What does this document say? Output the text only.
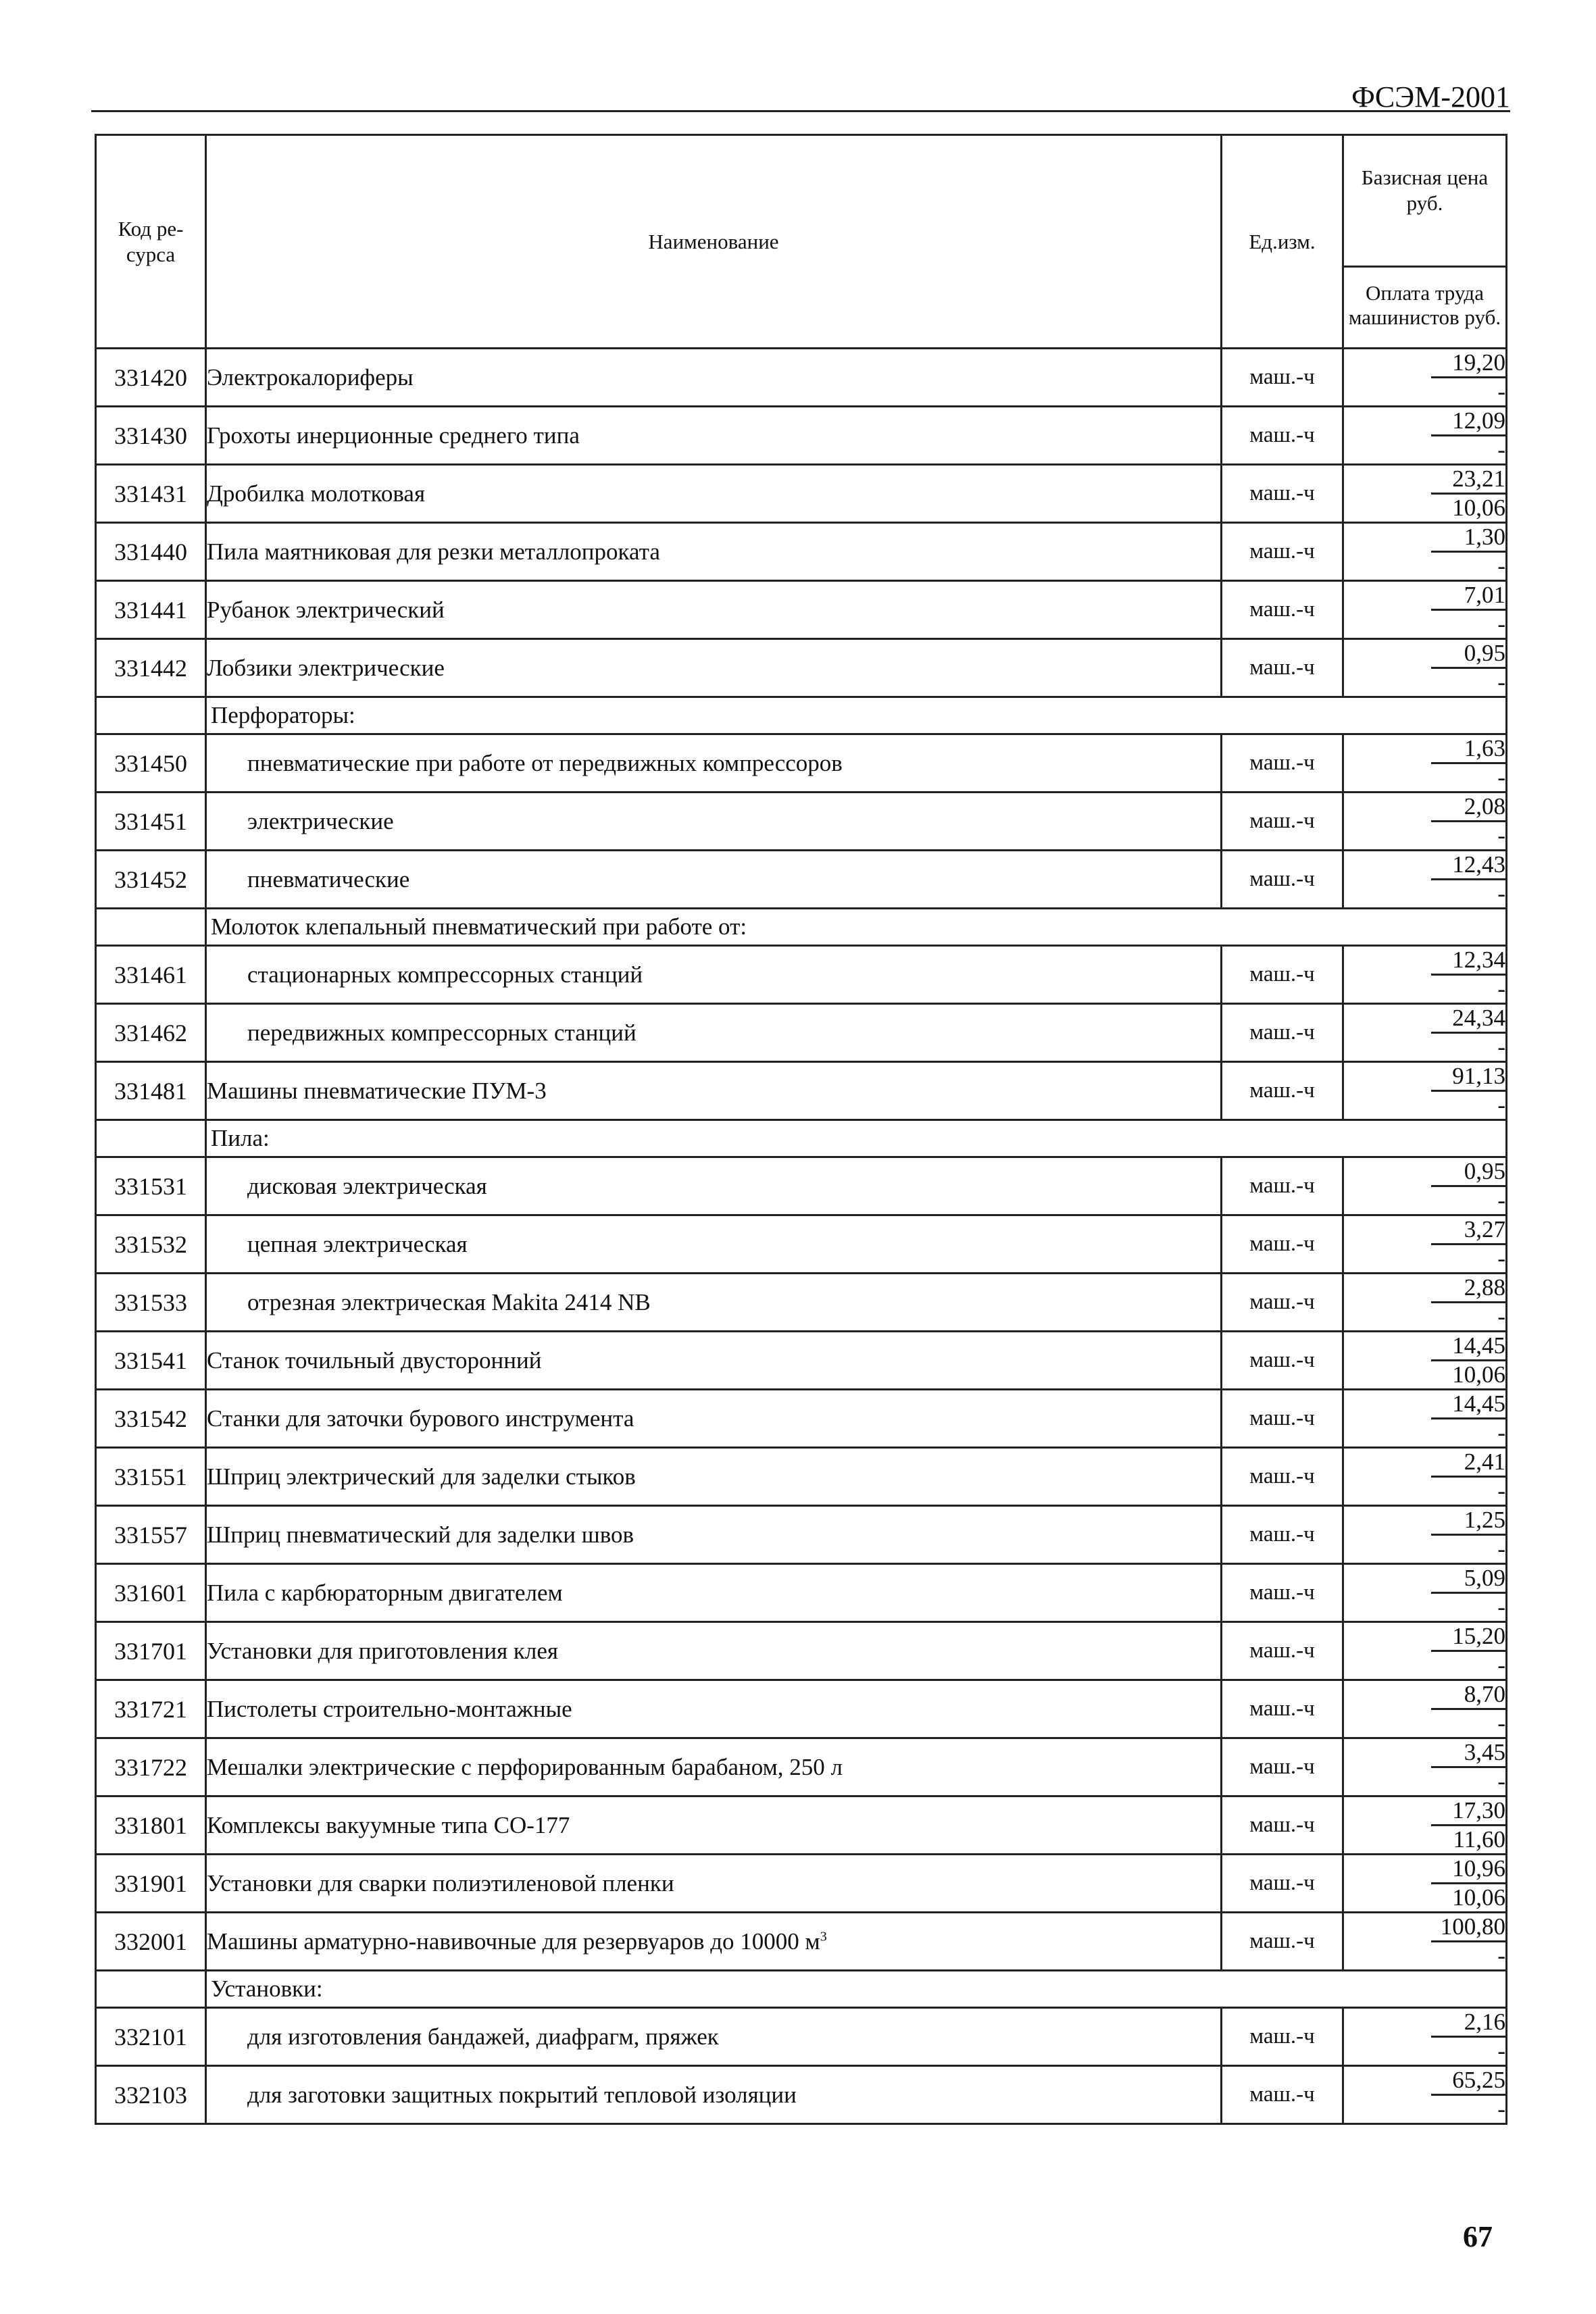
ФСЭМ-2001
Код ре-сурса	Наименование	Ед.изм.	Базисная цена руб.
Оплата труда машинистов руб.

331420	Электрокалориферы	маш.-ч	19,20
-

331430	Грохоты инерционные среднего типа	маш.-ч	12,09
-

331431	Дробилка молотковая	маш.-ч	23,21
10,06

331440	Пила маятниковая для резки металлопроката	маш.-ч	1,30
-

331441	Рубанок электрический	маш.-ч	7,01
-

331442	Лобзики электрические	маш.-ч	0,95
-

	Перфораторы:		
331450	пневматические при работе от передвижных компрессоров	маш.-ч	1,63
-

331451	электрические	маш.-ч	2,08
-

331452	пневматические	маш.-ч	12,43
-

	Молоток клепальный пневматический при работе от:		
331461	стационарных компрессорных станций	маш.-ч	12,34
-

331462	передвижных компрессорных станций	маш.-ч	24,34
-

331481	Машины пневматические ПУМ-3	маш.-ч	91,13
-

	Пила:		
331531	дисковая электрическая	маш.-ч	0,95
-

331532	цепная электрическая	маш.-ч	3,27
-

331533	отрезная электрическая Makita 2414 NB	маш.-ч	2,88
-

331541	Станок точильный двусторонний	маш.-ч	14,45
10,06

331542	Станки для заточки бурового инструмента	маш.-ч	14,45
-

331551	Шприц электрический для заделки стыков	маш.-ч	2,41
-

331557	Шприц пневматический для заделки швов	маш.-ч	1,25
-

331601	Пила с карбюраторным двигателем	маш.-ч	5,09
-

331701	Установки для приготовления клея	маш.-ч	15,20
-

331721	Пистолеты строительно-монтажные	маш.-ч	8,70
-

331722	Мешалки электрические с перфорированным барабаном, 250 л	маш.-ч	3,45
-

331801	Комплексы вакуумные типа СО-177	маш.-ч	17,30
11,60

331901	Установки для сварки полиэтиленовой пленки	маш.-ч	10,96
10,06

332001	Машины арматурно-навивочные для резервуаров до 10000 $м^3$	маш.-ч	100,80
-

	Установки:		
332101	для изготовления бандажей, диафрагм, пряжек	маш.-ч	2,16
-

332103	для заготовки защитных покрытий тепловой изоляции	маш.-ч	65,25
-
67
